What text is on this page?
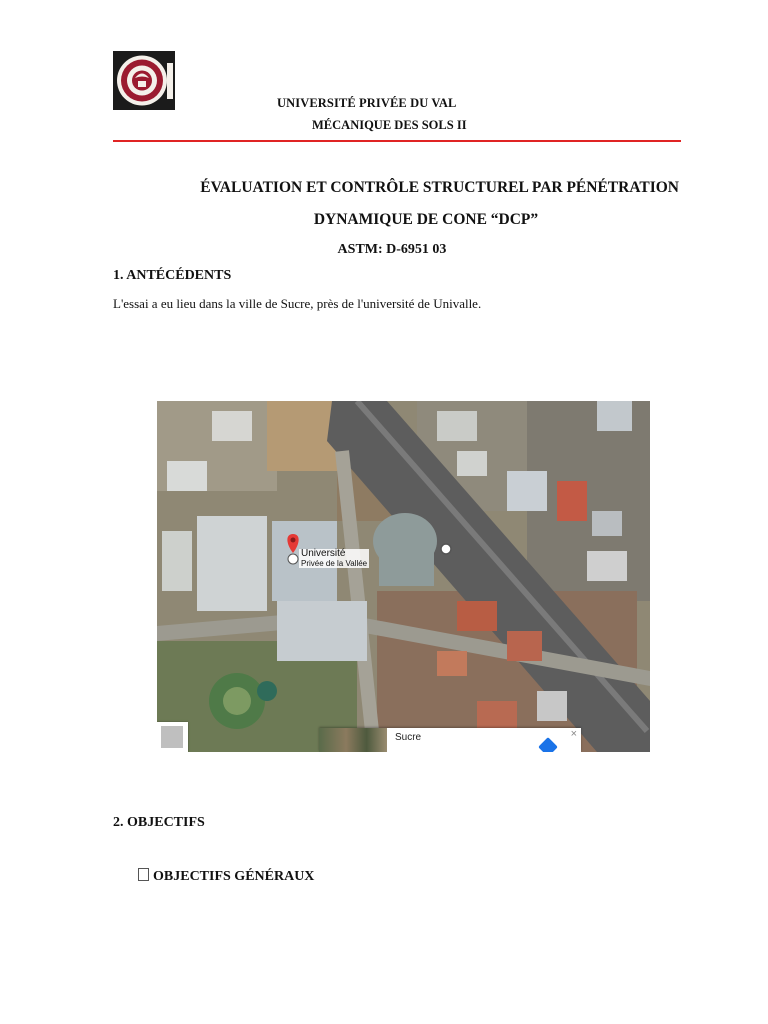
UNIVERSITÉ PRIVÉE DU VAL
MÉCANIQUE DES SOLS II
ÉVALUATION ET CONTRÔLE STRUCTUREL PAR PÉNÉTRATION
DYNAMIQUE DE CONE “DCP”
ASTM: D-6951 03
1. ANTÉCÉDENTS
L'essai a eu lieu dans la ville de Sucre, près de l'université de Univalle.
Université
Privée de la Vallée
Sucre	×
2. OBJECTIFS
OBJECTIFS GÉNÉRAUX
